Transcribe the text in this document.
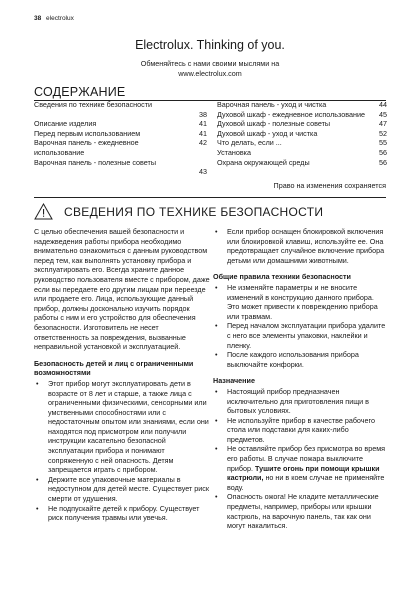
38 electrolux
Electrolux. Thinking of you.
Обменяйтесь с нами своими мыслями на
www.electrolux.com
СОДЕРЖАНИЕ
Сведения по технике безопасности
38
Описание изделия	41
Перед первым использованием	41
Варочная панель - ежедневное использование
42
Варочная панель - полезные советы
43
Варочная панель - уход и чистка	44
Духовой шкаф - ежедневное использование	45
Духовой шкаф - полезные советы	47
Духовой шкаф - уход и чистка	52
Что делать, если ...	55
Установка	56
Охрана окружающей среды	56
Право на изменения сохраняется
СВЕДЕНИЯ ПО ТЕХНИКЕ БЕЗОПАСНОСТИ

С целью обеспечения вашей безопасности и надежведения работы прибора необходимо внимательно ознакомиться с данным руководством перед тем, как выполнять установку прибора и эксплуатировать его. Всегда храните данное руководство пользователя вместе с прибором, даже если вы передаете его другим лицам при переезде или продаете его. Лица, использующие данный прибор, должны досконально изучить порядок работы с ним и его устройство для обеспечения безопасности. Изготовитель не несет ответственность за повреждения, вызванные неправильной установкой и эксплуатацией.

Безопасность детей и лиц с ограниченными возможностями
• Этот прибор могут эксплуатировать дети в возрасте от 8 лет и старше, а также лица с ограниченными физическими, сенсорными или умственными способностями или с недостаточным опытом или знаниями, если они находятся под присмотром или получили инструкции касательно безопасной эксплуатации прибора и понимают сопряженную с ней опасность. Детям запрещается играть с прибором.
• Держите все упаковочные материалы в недоступном для детей месте. Существует риск смерти от удушения.
• Не подпускайте детей к прибору. Существует риск получения травмы или увечья.
• Если прибор оснащен блокировкой включения или блокировкой клавиш, используйте ее. Она предотвращает случайное включение прибора детьми или домашними животными.
Общие правила техники безопасности
• Не изменяйте параметры и не вносите изменений в конструкцию данного прибора. Это может привести к повреждению прибора или травмам.
• Перед началом эксплуатации прибора удалите с него все элементы упаковки, наклейки и пленку.
• После каждого использования прибора выключайте конфорки.
Назначение
• Настоящий прибор предназначен исключительно для приготовления пищи в бытовых условиях.
• Не используйте прибор в качестве рабочего стола или подставки для каких-либо предметов.
• Не оставляйте прибор без присмотра во время его работы. В случае пожара выключите прибор. Тушите огонь при помощи крышки кастрюли, но ни в коем случае не применяйте воду.
• Опасность ожога! Не кладите металлические предметы, например, приборы или крышки кастрюль, на варочную панель, так как они могут накалиться.
